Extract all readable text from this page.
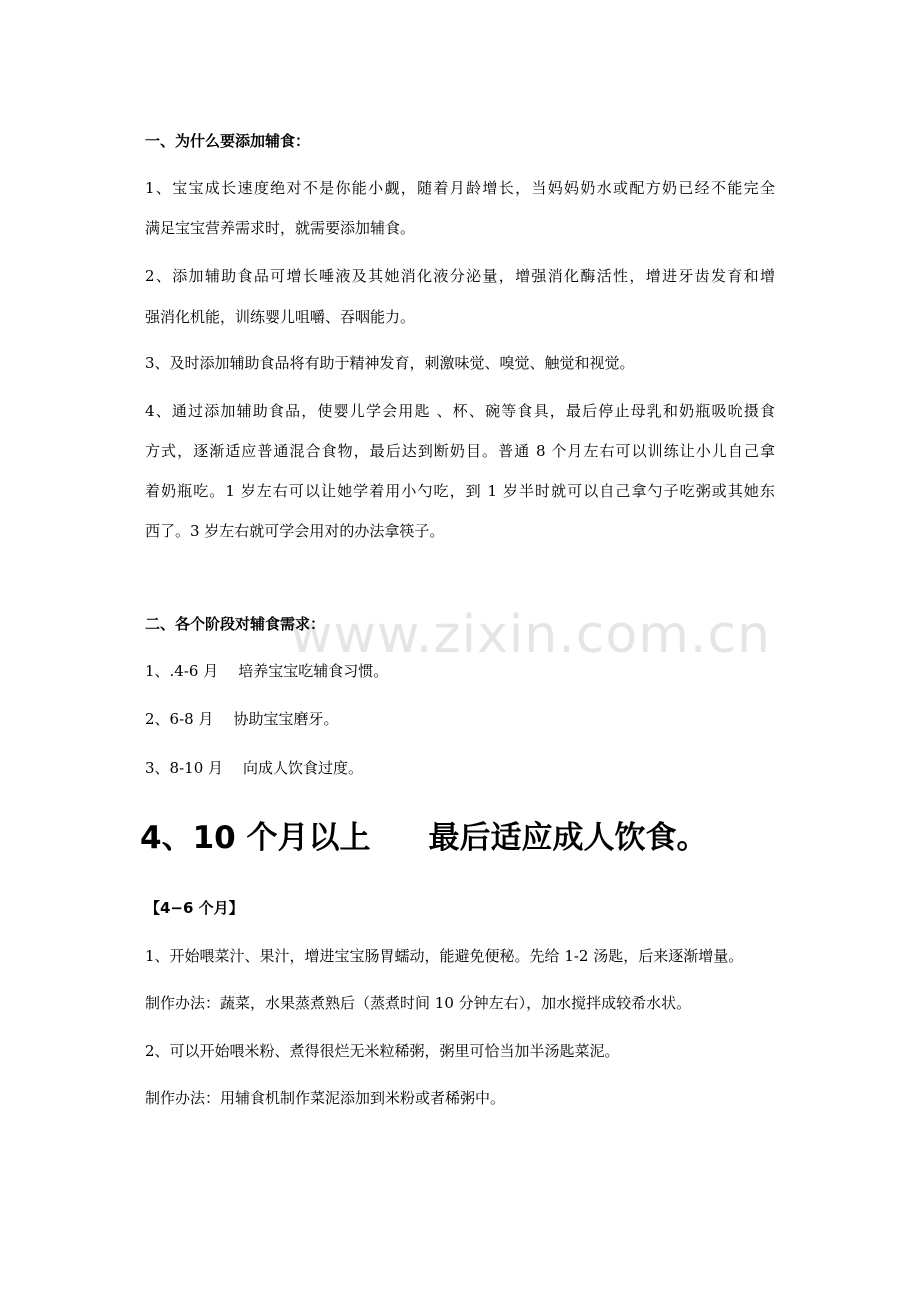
www.zixin.com.cn

一、为什么要添加辅食：

1、宝宝成长速度绝对不是你能小觑，随着月龄增长，当妈妈奶水或配方奶已经不能完全

满足宝宝营养需求时，就需要添加辅食。

2、添加辅助食品可增长唾液及其她消化液分泌量，增强消化酶活性，增进牙齿发育和增

强消化机能，训练婴儿咀嚼、吞咽能力。

3、及时添加辅助食品将有助于精神发育，刺激味觉、嗅觉、触觉和视觉。

4、通过添加辅助食品，使婴儿学会用匙 、杯、碗等食具，最后停止母乳和奶瓶吸吮摄食

方式，逐渐适应普通混合食物，最后达到断奶目。普通 8 个月左右可以训练让小儿自己拿

着奶瓶吃。1 岁左右可以让她学着用小勺吃，到 1 岁半时就可以自己拿勺子吃粥或其她东

西了。3 岁左右就可学会用对的办法拿筷子。

二、各个阶段对辅食需求：

1、.4-6 月 培养宝宝吃辅食习惯。

2、6-8 月 协助宝宝磨牙。

3、8-10 月 向成人饮食过度。

4、10 个月以上 最后适应成人饮食。

【4−6 个月】

1、开始喂菜汁、果汁，增进宝宝肠胃蠕动，能避免便秘。先给 1-2 汤匙，后来逐渐增量。

制作办法：蔬菜，水果蒸煮熟后（蒸煮时间 10 分钟左右），加水搅拌成较希水状。

2、可以开始喂米粉、煮得很烂无米粒稀粥，粥里可恰当加半汤匙菜泥。

制作办法：用辅食机制作菜泥添加到米粉或者稀粥中。
